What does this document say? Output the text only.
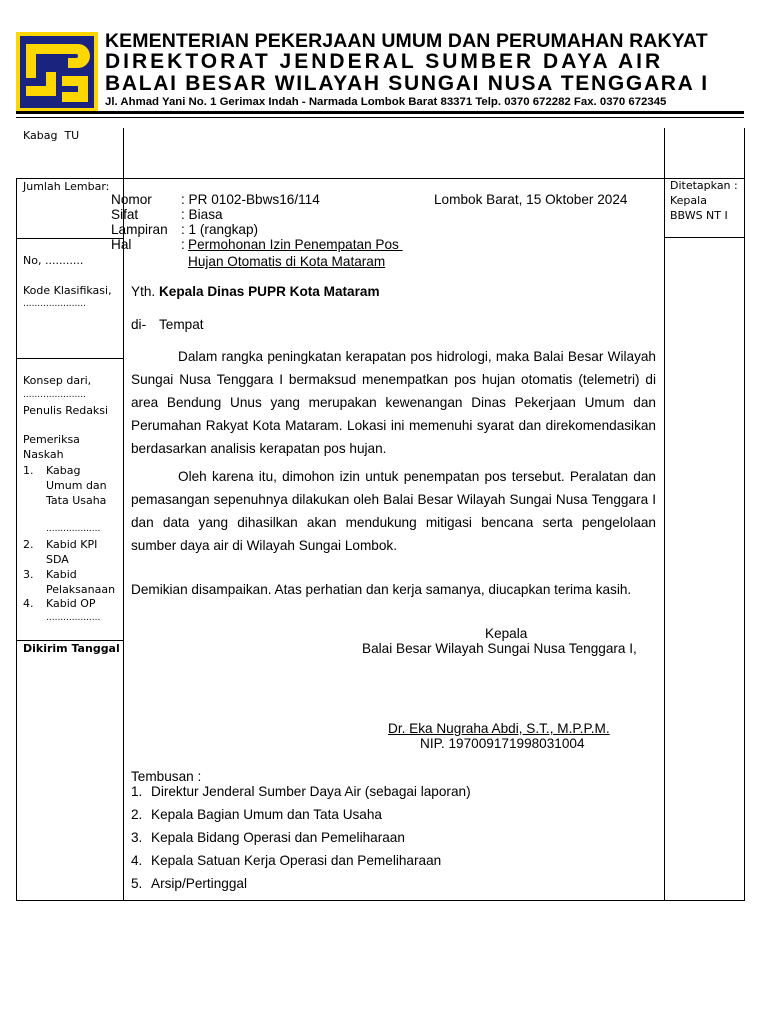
KEMENTERIAN PEKERJAAN UMUM DAN PERUMAHAN RAKYAT
DIREKTORAT JENDERAL SUMBER DAYA AIR
BALAI BESAR WILAYAH SUNGAI NUSA TENGGARA I
Jl. Ahmad Yani No. 1 Gerimax Indah - Narmada Lombok Barat 83371 Telp. 0370 672282 Fax. 0370 672345
Kabag  TU
Jumlah Lembar:
No, ...........
Kode Klasifikasi,
......................
Konsep dari,
......................
Penulis Redaksi
Pemeriksa Naskah
1. Kabag
Umum dan
Tata Usaha
...................
2. Kabid KPI
SDA
3. Kabid
Pelaksanaan
4. Kabid OP
...................
Dikirim Tanggal
Ditetapkan :
Kepala
BBWS NT I
Nomor : PR 0102-Bbws16/114	Lombok Barat, 15 Oktober 2024
Sifat	: Biasa
Lampiran : 1 (rangkap)
Hal	: Permohonan Izin Penempatan Pos
Hujan Otomatis di Kota Mataram
Yth. Kepala Dinas PUPR Kota Mataram
di- Tempat
Dalam rangka peningkatan kerapatan pos hidrologi, maka Balai Besar Wilayah Sungai Nusa Tenggara I bermaksud menempatkan pos hujan otomatis (telemetri) di area Bendung Unus yang merupakan kewenangan Dinas Pekerjaan Umum dan Perumahan Rakyat Kota Mataram. Lokasi ini memenuhi syarat dan direkomendasikan berdasarkan analisis kerapatan pos hujan.
Oleh karena itu, dimohon izin untuk penempatan pos tersebut. Peralatan dan pemasangan sepenuhnya dilakukan oleh Balai Besar Wilayah Sungai Nusa Tenggara I dan data yang dihasilkan akan mendukung mitigasi bencana serta pengelolaan sumber daya air di Wilayah Sungai Lombok.
Demikian disampaikan. Atas perhatian dan kerja samanya, diucapkan terima kasih.
Kepala
Balai Besar Wilayah Sungai Nusa Tenggara I,
Dr. Eka Nugraha Abdi, S.T., M.P.P.M.
NIP. 197009171998031004
Tembusan :
1. Direktur Jenderal Sumber Daya Air (sebagai laporan)
2. Kepala Bagian Umum dan Tata Usaha
3. Kepala Bidang Operasi dan Pemeliharaan
4. Kepala Satuan Kerja Operasi dan Pemeliharaan
5. Arsip/Pertinggal
